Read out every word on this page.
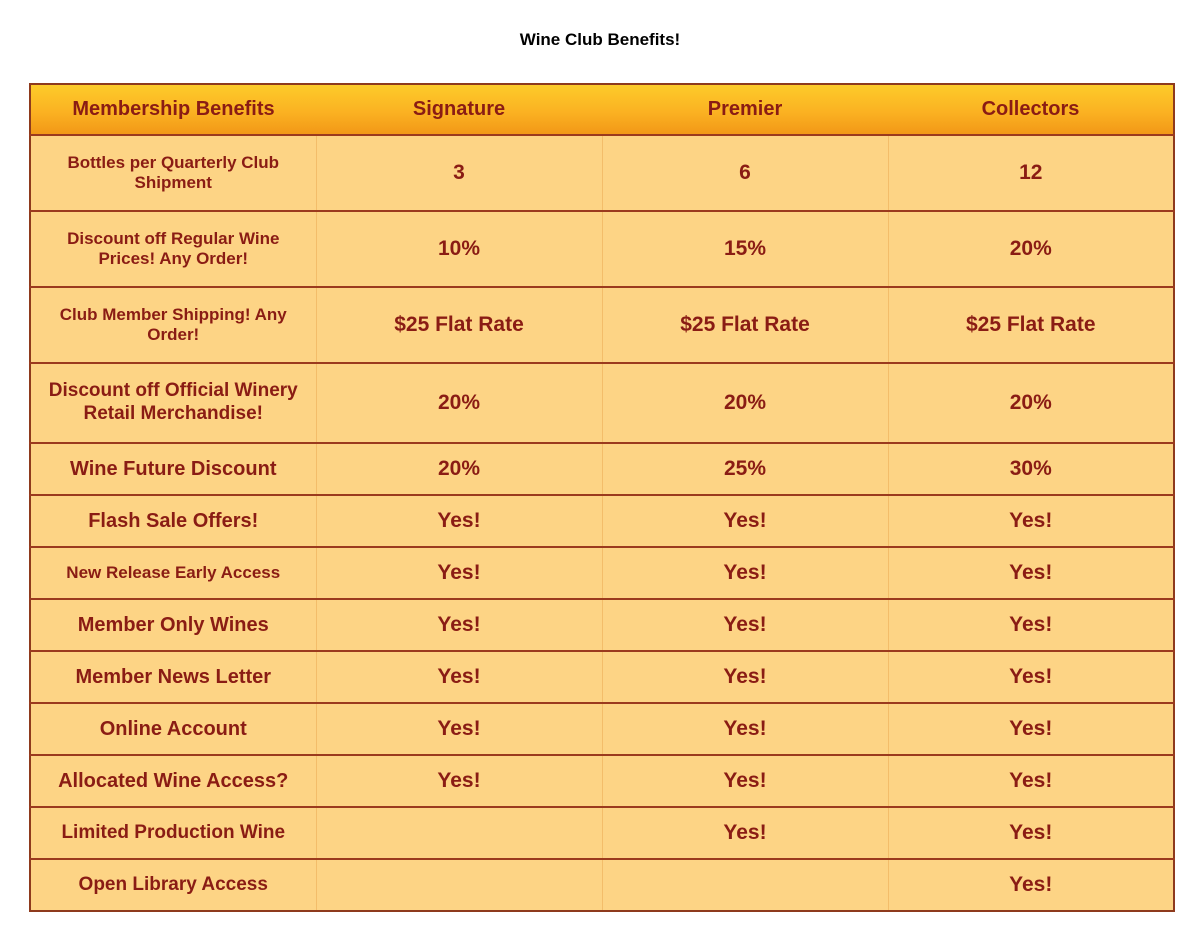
Wine Club Benefits!
Membership Benefits	Signature	Premier	Collectors
Bottles per Quarterly Club Shipment	3	6	12
Discount off Regular Wine Prices! Any Order!	10%	15%	20%
Club Member Shipping! Any Order!	$25 Flat Rate	$25 Flat Rate	$25 Flat Rate
Discount off Official Winery Retail Merchandise!	20%	20%	20%
Wine Future Discount	20%	25%	30%
Flash Sale Offers!	Yes!	Yes!	Yes!
New Release Early Access	Yes!	Yes!	Yes!
Member Only Wines	Yes!	Yes!	Yes!
Member News Letter	Yes!	Yes!	Yes!
Online Account	Yes!	Yes!	Yes!
Allocated Wine Access?	Yes!	Yes!	Yes!
Limited Production Wine		Yes!	Yes!
Open Library Access			Yes!
